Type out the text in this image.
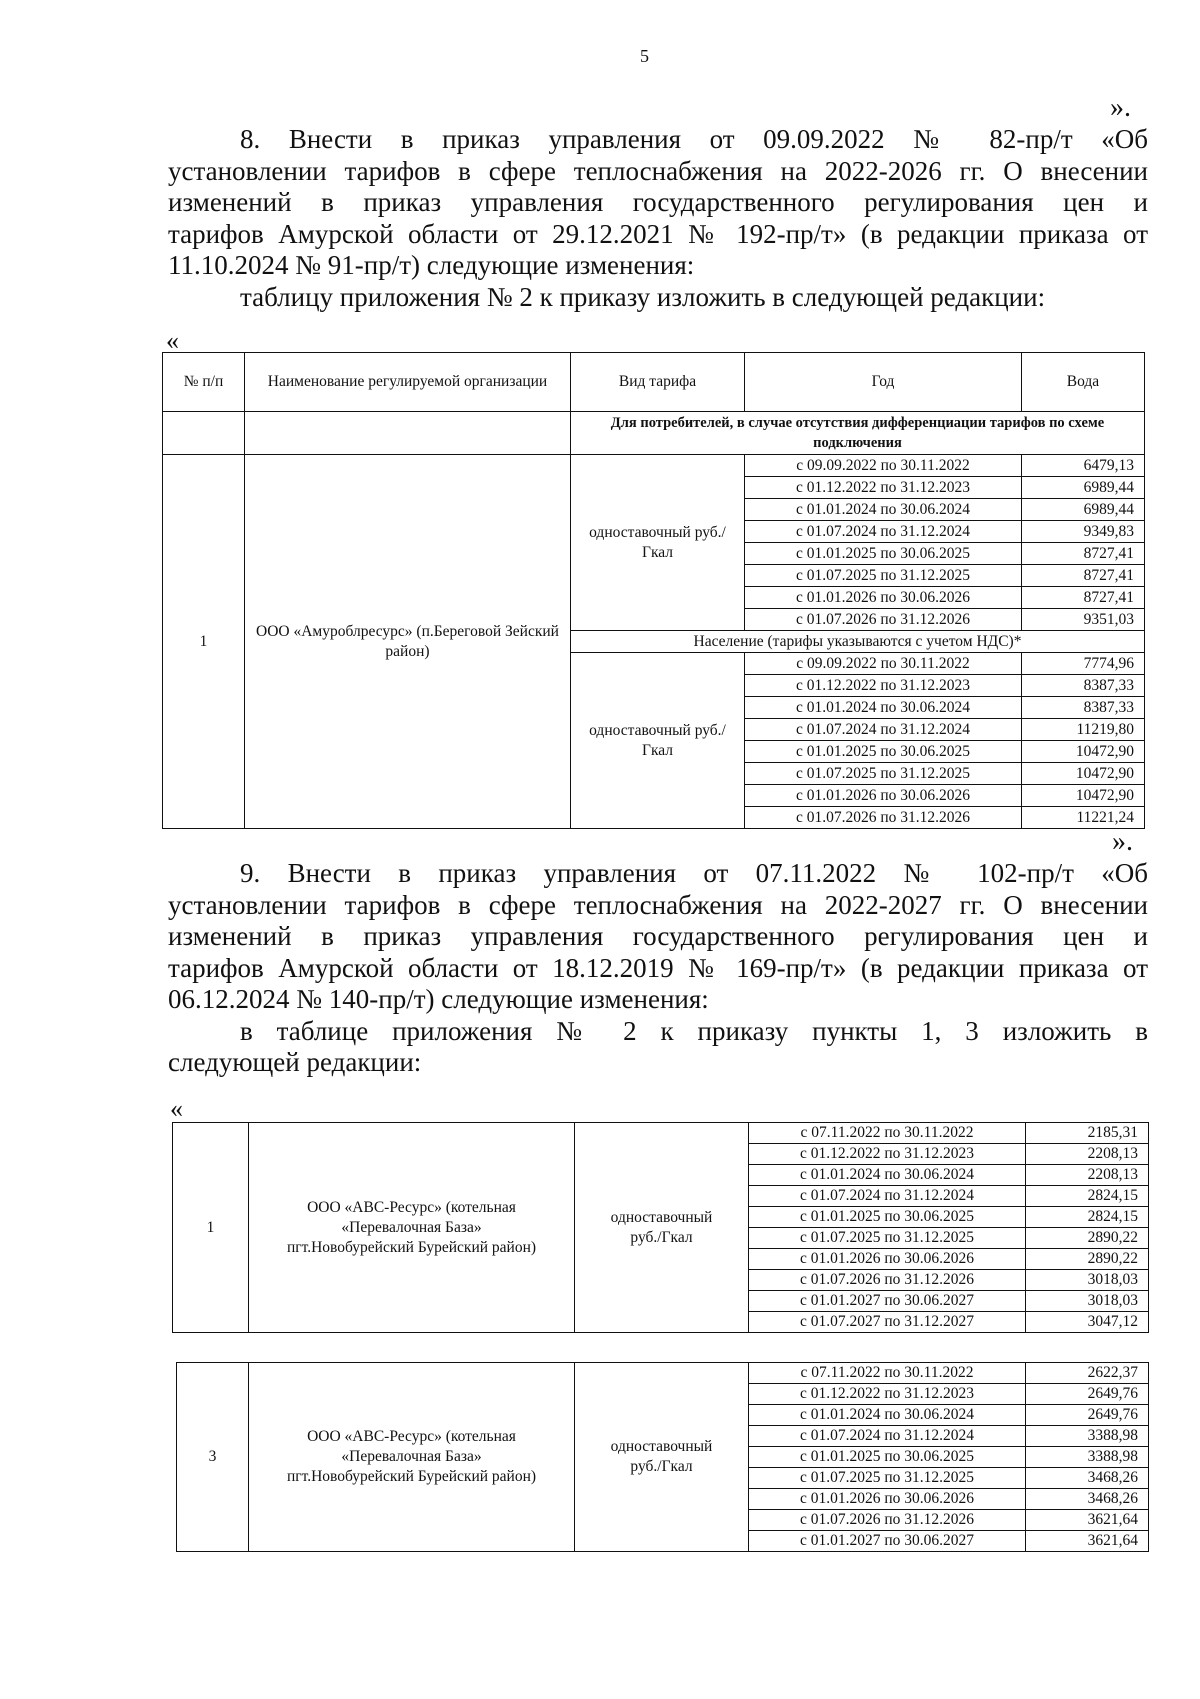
5
».
8. Внести в приказ управления от 09.09.2022 № 82-пр/т «Об
установлении тарифов в сфере теплоснабжения на 2022-2026 гг. О внесении
изменений в приказ управления государственного регулирования цен и
тарифов Амурской области от 29.12.2021 № 192-пр/т» (в редакции приказа от
11.10.2024 № 91-пр/т) следующие изменения:
таблицу приложения № 2 к приказу изложить в следующей редакции:
«
№ п/п	Наименование регулируемой организации	Вид тарифа	Год	Вода
		Для потребителей, в случае отсутствия дифференциации тарифов по схеме подключения		
1	ООО «Амуроблресурс» (п.Береговой Зейский район)	одноставочный руб./Гкал	с 09.09.2022 по 30.11.2022	6479,13
			с 01.12.2022 по 31.12.2023	6989,44
			с 01.01.2024 по 30.06.2024	6989,44
			с 01.07.2024 по 31.12.2024	9349,83
			с 01.01.2025 по 30.06.2025	8727,41
			с 01.07.2025 по 31.12.2025	8727,41
			с 01.01.2026 по 30.06.2026	8727,41
			с 01.07.2026 по 31.12.2026	9351,03
		Население (тарифы указываются с учетом НДС)*		
		одноставочный руб./Гкал	с 09.09.2022 по 30.11.2022	7774,96
			с 01.12.2022 по 31.12.2023	8387,33
			с 01.01.2024 по 30.06.2024	8387,33
			с 01.07.2024 по 31.12.2024	11219,80
			с 01.01.2025 по 30.06.2025	10472,90
			с 01.07.2025 по 31.12.2025	10472,90
			с 01.01.2026 по 30.06.2026	10472,90
			с 01.07.2026 по 31.12.2026	11221,24
».
9. Внести в приказ управления от 07.11.2022 № 102-пр/т «Об
установлении тарифов в сфере теплоснабжения на 2022-2027 гг. О внесении
изменений в приказ управления государственного регулирования цен и
тарифов Амурской области от 18.12.2019 № 169-пр/т» (в редакции приказа от
06.12.2024 № 140-пр/т) следующие изменения:
в таблице приложения № 2 к приказу пункты 1, 3 изложить в
следующей редакции:
«
1	ООО «АВС-Ресурс» (котельная «Перевалочная База» пгт.Новобурейский Бурейский район)	одноставочный руб./Гкал	с 07.11.2022 по 30.11.2022	2185,31
			с 01.12.2022 по 31.12.2023	2208,13
			с 01.01.2024 по 30.06.2024	2208,13
			с 01.07.2024 по 31.12.2024	2824,15
			с 01.01.2025 по 30.06.2025	2824,15
			с 01.07.2025 по 31.12.2025	2890,22
			с 01.01.2026 по 30.06.2026	2890,22
			с 01.07.2026 по 31.12.2026	3018,03
			с 01.01.2027 по 30.06.2027	3018,03
			с 01.07.2027 по 31.12.2027	3047,12
3	ООО «АВС-Ресурс» (котельная «Перевалочная База» пгт.Новобурейский Бурейский район)	одноставочный руб./Гкал	с 07.11.2022 по 30.11.2022	2622,37
			с 01.12.2022 по 31.12.2023	2649,76
			с 01.01.2024 по 30.06.2024	2649,76
			с 01.07.2024 по 31.12.2024	3388,98
			с 01.01.2025 по 30.06.2025	3388,98
			с 01.07.2025 по 31.12.2025	3468,26
			с 01.01.2026 по 30.06.2026	3468,26
			с 01.07.2026 по 31.12.2026	3621,64
			с 01.01.2027 по 30.06.2027	3621,64
